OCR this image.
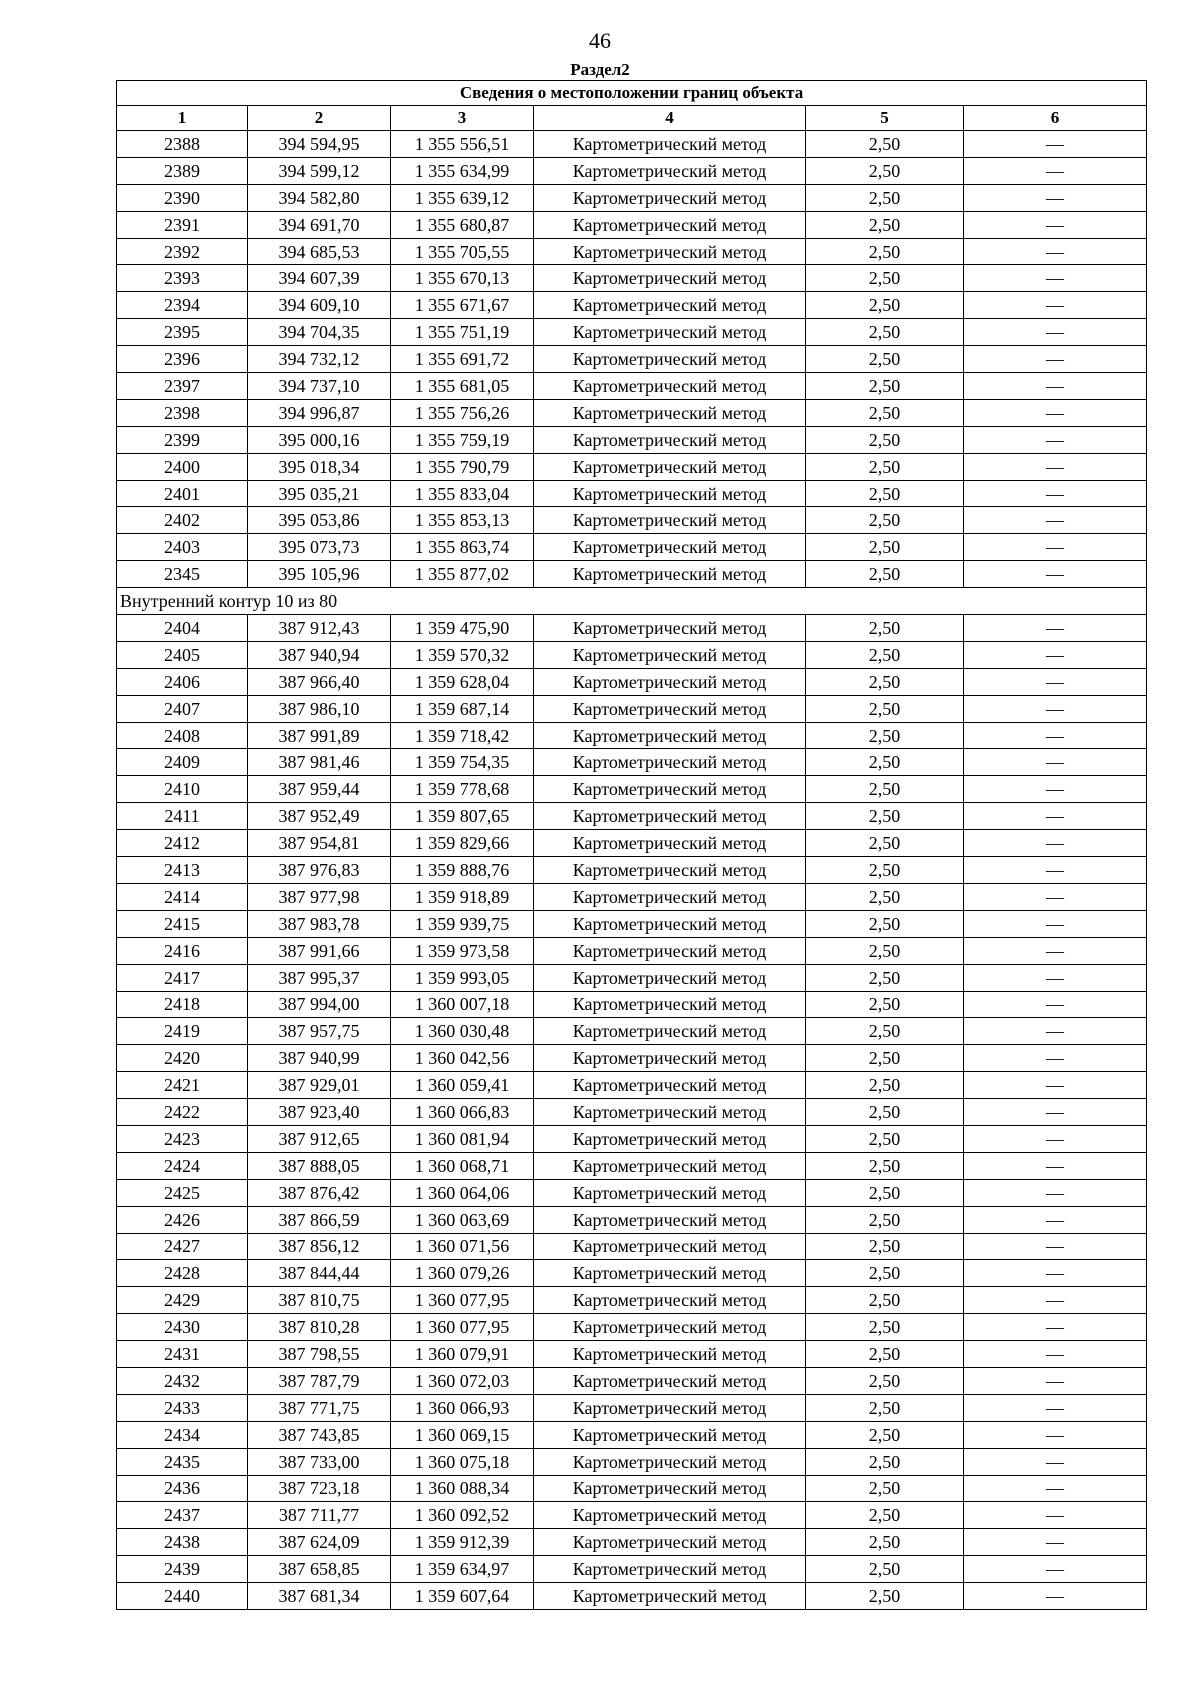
46
Раздел2
Сведения о местоположении границ объекта					
1	2	3	4	5	6
2388	394 594,95	1 355 556,51	Картометрический метод	2,50	—
2389	394 599,12	1 355 634,99	Картометрический метод	2,50	—
2390	394 582,80	1 355 639,12	Картометрический метод	2,50	—
2391	394 691,70	1 355 680,87	Картометрический метод	2,50	—
2392	394 685,53	1 355 705,55	Картометрический метод	2,50	—
2393	394 607,39	1 355 670,13	Картометрический метод	2,50	—
2394	394 609,10	1 355 671,67	Картометрический метод	2,50	—
2395	394 704,35	1 355 751,19	Картометрический метод	2,50	—
2396	394 732,12	1 355 691,72	Картометрический метод	2,50	—
2397	394 737,10	1 355 681,05	Картометрический метод	2,50	—
2398	394 996,87	1 355 756,26	Картометрический метод	2,50	—
2399	395 000,16	1 355 759,19	Картометрический метод	2,50	—
2400	395 018,34	1 355 790,79	Картометрический метод	2,50	—
2401	395 035,21	1 355 833,04	Картометрический метод	2,50	—
2402	395 053,86	1 355 853,13	Картометрический метод	2,50	—
2403	395 073,73	1 355 863,74	Картометрический метод	2,50	—
2345	395 105,96	1 355 877,02	Картометрический метод	2,50	—
Внутренний контур 10 из 80					
2404	387 912,43	1 359 475,90	Картометрический метод	2,50	—
2405	387 940,94	1 359 570,32	Картометрический метод	2,50	—
2406	387 966,40	1 359 628,04	Картометрический метод	2,50	—
2407	387 986,10	1 359 687,14	Картометрический метод	2,50	—
2408	387 991,89	1 359 718,42	Картометрический метод	2,50	—
2409	387 981,46	1 359 754,35	Картометрический метод	2,50	—
2410	387 959,44	1 359 778,68	Картометрический метод	2,50	—
2411	387 952,49	1 359 807,65	Картометрический метод	2,50	—
2412	387 954,81	1 359 829,66	Картометрический метод	2,50	—
2413	387 976,83	1 359 888,76	Картометрический метод	2,50	—
2414	387 977,98	1 359 918,89	Картометрический метод	2,50	—
2415	387 983,78	1 359 939,75	Картометрический метод	2,50	—
2416	387 991,66	1 359 973,58	Картометрический метод	2,50	—
2417	387 995,37	1 359 993,05	Картометрический метод	2,50	—
2418	387 994,00	1 360 007,18	Картометрический метод	2,50	—
2419	387 957,75	1 360 030,48	Картометрический метод	2,50	—
2420	387 940,99	1 360 042,56	Картометрический метод	2,50	—
2421	387 929,01	1 360 059,41	Картометрический метод	2,50	—
2422	387 923,40	1 360 066,83	Картометрический метод	2,50	—
2423	387 912,65	1 360 081,94	Картометрический метод	2,50	—
2424	387 888,05	1 360 068,71	Картометрический метод	2,50	—
2425	387 876,42	1 360 064,06	Картометрический метод	2,50	—
2426	387 866,59	1 360 063,69	Картометрический метод	2,50	—
2427	387 856,12	1 360 071,56	Картометрический метод	2,50	—
2428	387 844,44	1 360 079,26	Картометрический метод	2,50	—
2429	387 810,75	1 360 077,95	Картометрический метод	2,50	—
2430	387 810,28	1 360 077,95	Картометрический метод	2,50	—
2431	387 798,55	1 360 079,91	Картометрический метод	2,50	—
2432	387 787,79	1 360 072,03	Картометрический метод	2,50	—
2433	387 771,75	1 360 066,93	Картометрический метод	2,50	—
2434	387 743,85	1 360 069,15	Картометрический метод	2,50	—
2435	387 733,00	1 360 075,18	Картометрический метод	2,50	—
2436	387 723,18	1 360 088,34	Картометрический метод	2,50	—
2437	387 711,77	1 360 092,52	Картометрический метод	2,50	—
2438	387 624,09	1 359 912,39	Картометрический метод	2,50	—
2439	387 658,85	1 359 634,97	Картометрический метод	2,50	—
2440	387 681,34	1 359 607,64	Картометрический метод	2,50	—
